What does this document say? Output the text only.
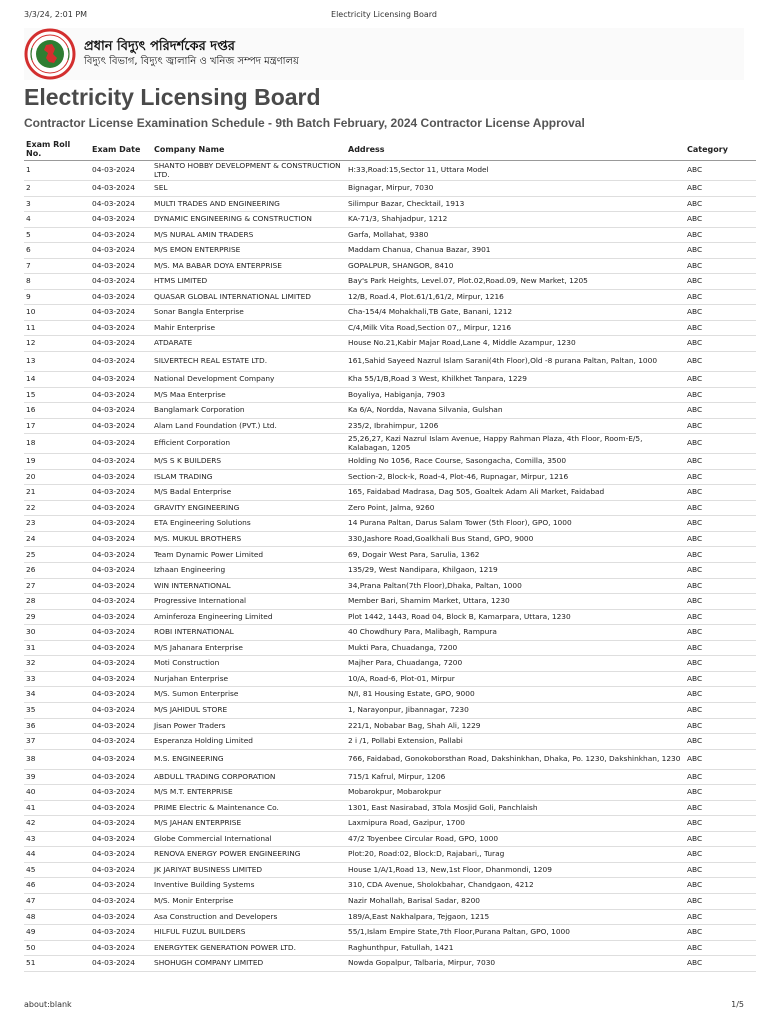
3/3/24, 2:01 PM	Electricity Licensing Board
প্রধান বিদ্যুৎ পরিদর্শকের দপ্তর
বিদ্যুৎ বিভাগ, বিদ্যুৎ জ্বালানি ও খনিজ সম্পদ মন্ত্রণালয়
Electricity Licensing Board
Contractor License Examination Schedule - 9th Batch February, 2024 Contractor License Approval
Exam Roll No.	Exam Date	Company Name	Address	Category
1	04-03-2024	SHANTO HOBBY DEVELOPMENT & CONSTRUCTION LTD.	H:33,Road:15,Sector 11, Uttara Model	ABC
2	04-03-2024	SEL	Bignagar, Mirpur, 7030	ABC
3	04-03-2024	MULTI TRADES AND ENGINEERING	Silimpur Bazar, Checktail, 1913	ABC
4	04-03-2024	DYNAMIC ENGINEERING & CONSTRUCTION	KA-71/3, Shahjadpur, 1212	ABC
5	04-03-2024	M/S NURAL AMIN TRADERS	Garfa, Mollahat, 9380	ABC
6	04-03-2024	M/S EMON ENTERPRISE	Maddam Chanua, Chanua Bazar, 3901	ABC
7	04-03-2024	M/S. MA BABAR DOYA ENTERPRISE	GOPALPUR, SHANGOR, 8410	ABC
8	04-03-2024	HTMS LIMITED	Bay's Park Heights, Level.07, Plot.02,Road.09, New Market, 1205	ABC
9	04-03-2024	QUASAR GLOBAL INTERNATIONAL LIMITED	12/B, Road.4, Plot.61/1,61/2, Mirpur, 1216	ABC
10	04-03-2024	Sonar Bangla Enterprise	Cha-154/4 Mohakhali,TB Gate, Banani, 1212	ABC
11	04-03-2024	Mahir Enterprise	C/4,Milk Vita Road,Section 07,, Mirpur, 1216	ABC
12	04-03-2024	ATDARATE	House No.21,Kabir Majar Road,Lane 4, Middle Azampur, 1230	ABC
13	04-03-2024	SILVERTECH REAL ESTATE LTD.	161,Sahid Sayeed Nazrul Islam Sarani(4th Floor),Old -8 purana Paltan, Paltan, 1000	ABC
14	04-03-2024	National Development Company	Kha 55/1/B,Road 3 West, Khilkhet Tanpara, 1229	ABC
15	04-03-2024	M/S Maa Enterprise	Boyaliya, Habiganja, 7903	ABC
16	04-03-2024	Banglamark Corporation	Ka 6/A, Nordda, Navana Silvania, Gulshan	ABC
17	04-03-2024	Alam Land Foundation (PVT.) Ltd.	235/2, Ibrahimpur, 1206	ABC
18	04-03-2024	Efficient Corporation	25,26,27, Kazi Nazrul Islam Avenue, Happy Rahman Plaza, 4th Floor, Room-E/5, Kalabagan, 1205	ABC
19	04-03-2024	M/S S K BUILDERS	Holding No 1056, Race Course, Sasongacha, Comilla, 3500	ABC
20	04-03-2024	ISLAM TRADING	Section-2, Block-k, Road-4, Plot-46, Rupnagar, Mirpur, 1216	ABC
21	04-03-2024	M/S Badal Enterprise	165, Faidabad Madrasa, Dag 505, Goaltek Adam Ali Market, Faidabad	ABC
22	04-03-2024	GRAVITY ENGINEERING	Zero Point, Jalma, 9260	ABC
23	04-03-2024	ETA Engineering Solutions	14 Purana Paltan, Darus Salam Tower (5th Floor), GPO, 1000	ABC
24	04-03-2024	M/S. MUKUL BROTHERS	330,Jashore Road,Goalkhali Bus Stand, GPO, 9000	ABC
25	04-03-2024	Team Dynamic Power Limited	69, Dogair West Para, Sarulia, 1362	ABC
26	04-03-2024	Izhaan Engineering	135/29, West Nandipara, Khilgaon, 1219	ABC
27	04-03-2024	WIN INTERNATIONAL	34,Prana Paltan(7th Floor),Dhaka, Paltan, 1000	ABC
28	04-03-2024	Progressive International	Member Bari, Shamim Market, Uttara, 1230	ABC
29	04-03-2024	Aminferoza Engineering Limited	Plot 1442, 1443, Road 04, Block B, Kamarpara, Uttara, 1230	ABC
30	04-03-2024	ROBI INTERNATIONAL	40 Chowdhury Para, Malibagh, Rampura	ABC
31	04-03-2024	M/S Jahanara Enterprise	Mukti Para, Chuadanga, 7200	ABC
32	04-03-2024	Moti Construction	Majher Para, Chuadanga, 7200	ABC
33	04-03-2024	Nurjahan Enterprise	10/A, Road-6, Plot-01, Mirpur	ABC
34	04-03-2024	M/S. Sumon Enterprise	N/I, 81 Housing Estate, GPO, 9000	ABC
35	04-03-2024	M/S JAHIDUL STORE	1, Narayonpur, Jibannagar, 7230	ABC
36	04-03-2024	Jisan Power Traders	221/1, Nobabar Bag, Shah Ali, 1229	ABC
37	04-03-2024	Esperanza Holding Limited	2 i /1, Pollabi Extension, Pallabi	ABC
38	04-03-2024	M.S. ENGINEERING	766, Faidabad, Gonokoborsthan Road, Dakshinkhan, Dhaka, Po. 1230, Dakshinkhan, 1230	ABC
39	04-03-2024	ABDULL TRADING CORPORATION	715/1 Kafrul, Mirpur, 1206	ABC
40	04-03-2024	M/S M.T. ENTERPRISE	Mobarokpur, Mobarokpur	ABC
41	04-03-2024	PRIME Electric & Maintenance Co.	1301, East Nasirabad, 3Tola Mosjid Goli, Panchlaish	ABC
42	04-03-2024	M/S JAHAN ENTERPRISE	Laxmipura Road, Gazipur, 1700	ABC
43	04-03-2024	Globe Commercial International	47/2 Toyenbee Circular Road, GPO, 1000	ABC
44	04-03-2024	RENOVA ENERGY POWER ENGINEERING	Plot:20, Road:02, Block:D, Rajabari,, Turag	ABC
45	04-03-2024	JK JARIYAT BUSINESS LIMITED	House 1/A/1,Road 13, New,1st Floor, Dhanmondi, 1209	ABC
46	04-03-2024	Inventive Building Systems	310, CDA Avenue, Sholokbahar, Chandgaon, 4212	ABC
47	04-03-2024	M/S. Monir Enterprise	Nazir Mohallah, Barisal Sadar, 8200	ABC
48	04-03-2024	Asa Construction and Developers	189/A,East Nakhalpara, Tejgaon, 1215	ABC
49	04-03-2024	HILFUL FUZUL BUILDERS	55/1,Islam Empire State,7th Floor,Purana Paltan, GPO, 1000	ABC
50	04-03-2024	ENERGYTEK GENERATION POWER LTD.	Raghunthpur, Fatullah, 1421	ABC
51	04-03-2024	SHOHUGH COMPANY LIMITED	Nowda Gopalpur, Talbaria, Mirpur, 7030	ABC
about:blank	1/5
